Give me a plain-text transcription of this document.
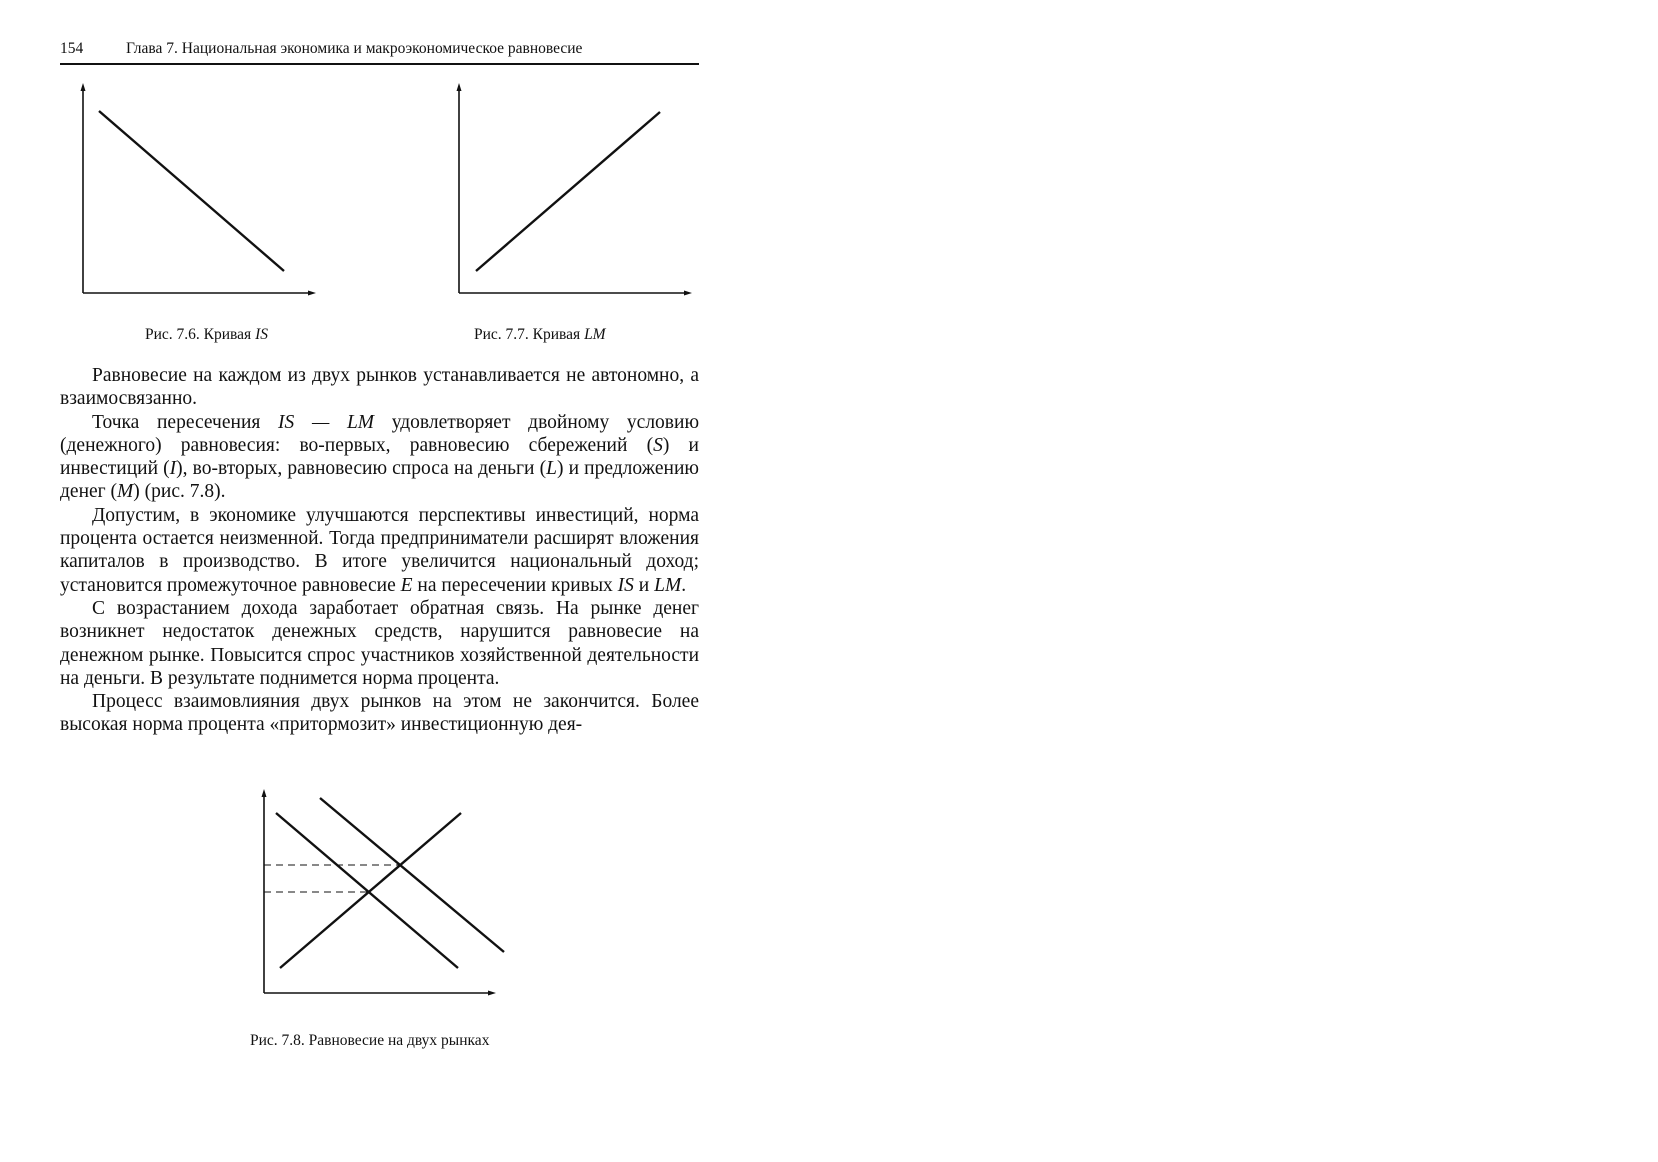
154	Глава 7. Национальная экономика и макроэкономическое равновесие
Рис. 7.6. Кривая IS	Рис. 7.7. Кривая LM

Равновесие на каждом из двух рынков устанавливается не автономно, а взаимосвязанно.

Точка пересечения IS — LM удовлетворяет двойному условию (денежного) равновесия: во-первых, равновесию сбережений (S) и инвестиций (I), во-вторых, равновесию спроса на деньги (L) и предложению денег (M) (рис. 7.8).

Допустим, в экономике улучшаются перспективы инвестиций, норма процента остается неизменной. Тогда предприниматели расширят вложения капиталов в производство. В итоге увеличится национальный доход; установится промежуточное равновесие E на пересечении кривых IS и LM.

С возрастанием дохода заработает обратная связь. На рынке денег возникнет недостаток денежных средств, нарушится равновесие на денежном рынке. Повысится спрос участников хозяйственной деятельности на деньги. В результате поднимется норма процента.

Процесс взаимовлияния двух рынков на этом не закончится. Более высокая норма процента «притормозит» инвестиционную дея-

Рис. 7.8. Равновесие на двух рынках
